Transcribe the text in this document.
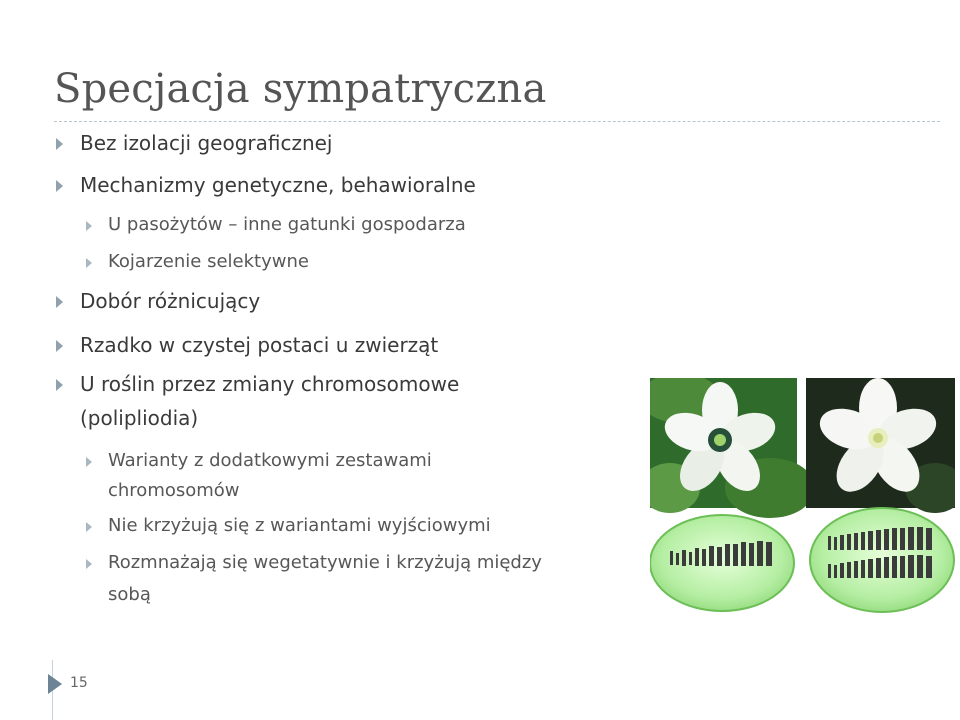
Specjacja sympatryczna
Bez izolacji geograficznej
Mechanizmy genetyczne, behawioralne
U pasożytów – inne gatunki gospodarza
Kojarzenie selektywne
Dobór różnicujący
Rzadko w czystej postaci u zwierząt
U roślin przez zmiany chromosomowe
(polipliodia)
Warianty z dodatkowymi zestawami
chromosomów
Nie krzyżują się z wariantami wyjściowymi
Rozmnażają się wegetatywnie i krzyżują między
sobą
15
